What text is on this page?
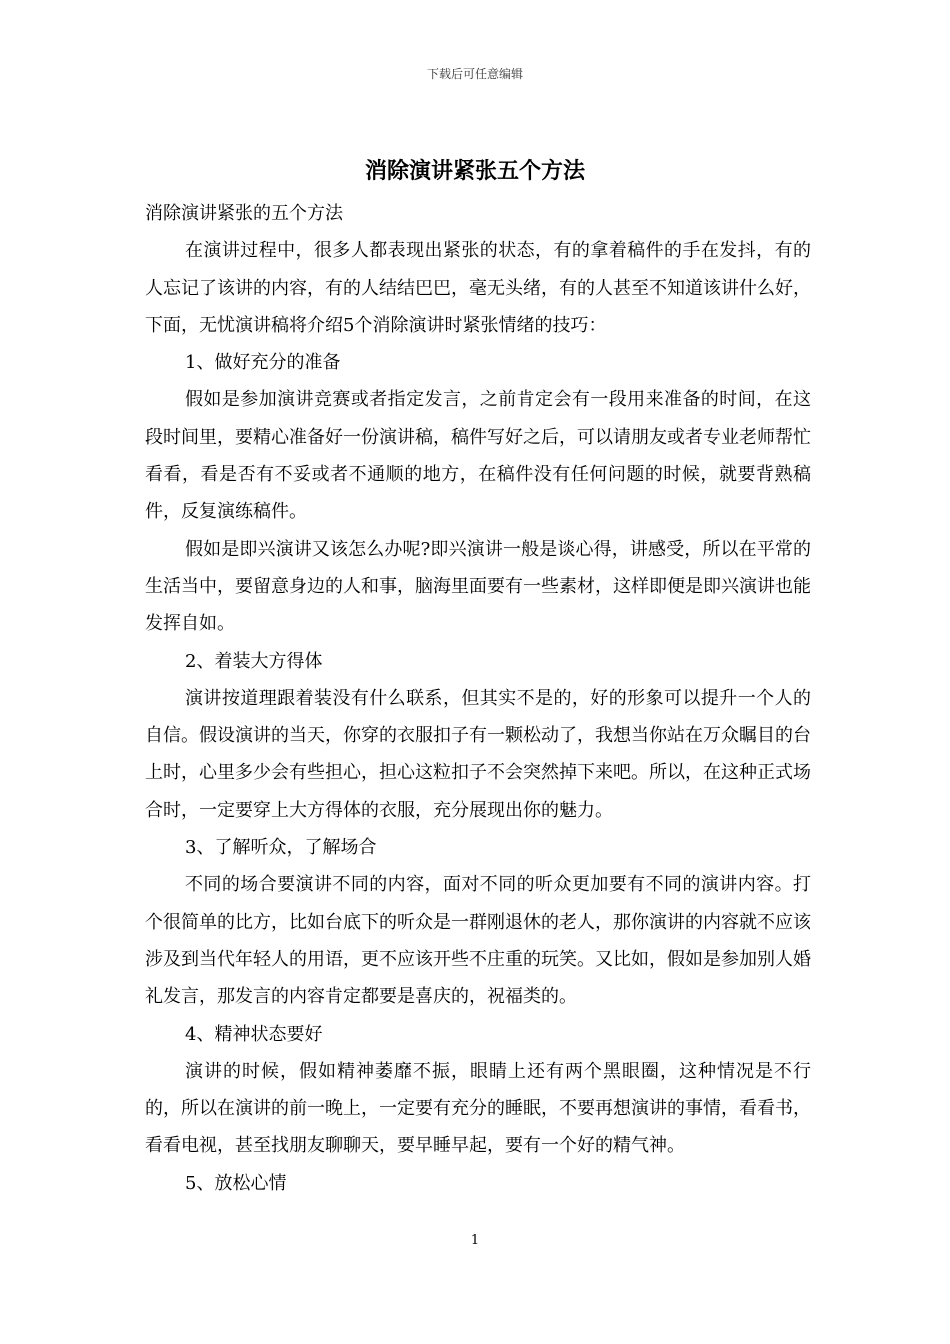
下载后可任意编辑
消除演讲紧张五个方法

消除演讲紧张的五个方法

在演讲过程中，很多人都表现出紧张的状态，有的拿着稿件的手在发抖，有的人忘记了该讲的内容，有的人结结巴巴，毫无头绪，有的人甚至不知道该讲什么好，下面，无忧演讲稿将介绍5个消除演讲时紧张情绪的技巧：

1、做好充分的准备

假如是参加演讲竞赛或者指定发言，之前肯定会有一段用来准备的时间，在这段时间里，要精心准备好一份演讲稿，稿件写好之后，可以请朋友或者专业老师帮忙看看，看是否有不妥或者不通顺的地方，在稿件没有任何问题的时候，就要背熟稿件，反复演练稿件。

假如是即兴演讲又该怎么办呢?即兴演讲一般是谈心得，讲感受，所以在平常的生活当中，要留意身边的人和事，脑海里面要有一些素材，这样即便是即兴演讲也能发挥自如。

2、着装大方得体

演讲按道理跟着装没有什么联系，但其实不是的，好的形象可以提升一个人的自信。假设演讲的当天，你穿的衣服扣子有一颗松动了，我想当你站在万众瞩目的台上时，心里多少会有些担心，担心这粒扣子不会突然掉下来吧。所以，在这种正式场合时，一定要穿上大方得体的衣服，充分展现出你的魅力。

3、了解听众，了解场合

不同的场合要演讲不同的内容，面对不同的听众更加要有不同的演讲内容。打个很简单的比方，比如台底下的听众是一群刚退休的老人，那你演讲的内容就不应该涉及到当代年轻人的用语，更不应该开些不庄重的玩笑。又比如，假如是参加别人婚礼发言，那发言的内容肯定都要是喜庆的，祝福类的。

4、精神状态要好

演讲的时候，假如精神萎靡不振，眼睛上还有两个黑眼圈，这种情况是不行的，所以在演讲的前一晚上，一定要有充分的睡眠，不要再想演讲的事情，看看书，看看电视，甚至找朋友聊聊天，要早睡早起，要有一个好的精气神。

5、放松心情

1
